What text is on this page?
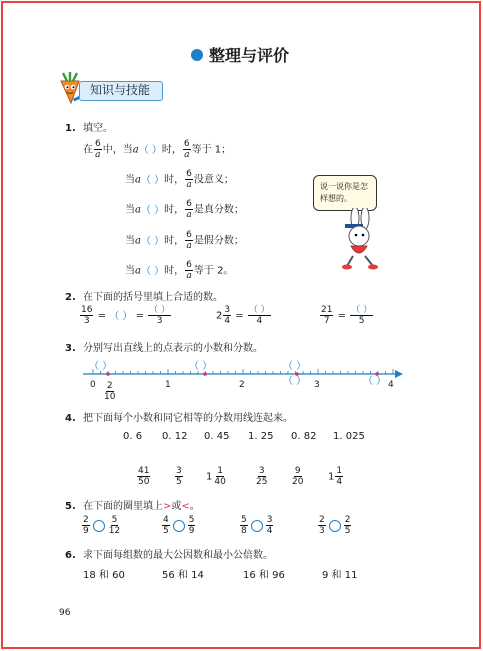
整理与评价
知识与技能
1. 填空。
在 $\frac{6}{a}$ 中，当a（ ）时， $\frac{6}{a}$ 等于 1；
当a（ ）时， $\frac{6}{a}$ 没意义；
当a（ ）时， $\frac{6}{a}$ 是真分数；
当a（ ）时， $\frac{6}{a}$ 是假分数；
当a（ ）时， $\frac{6}{a}$ 等于 2。
说一说你是怎样想的。
2. 在下面的括号里填上合适的数。
$\frac{16}{3}$ = （ ） = $\frac{( )}{3}$	$2 \frac{3}{4} = \frac{( )}{4}$	$\frac{21}{7} = \frac{( )}{5}$
3. 分别写出直线上的点表示的小数和分数。
（ ）	（ ）	（ ）
（ ）
（ ）
0	1	2	3	4
$\frac{2}{10}$
4. 把下面每个小数和同它相等的分数用线连起来。
0. 6 0. 12 0. 45 1. 25 0. 82 1. 025
$\frac{41}{50}$	$\frac{3}{5} 1 \frac{1}{40}$	$\frac{3}{25}$	$\frac{9}{20} 1 \frac{1}{4}$
5. 在下面的圈里填上>或<。
$\frac{2}{9} \frac{5}{12}$	$\frac{4}{5} \frac{5}{9}$	$\frac{5}{8} \frac{3}{4}$	$\frac{2}{3} \frac{2}{5}$
6. 求下面每组数的最大公因数和最小公倍数。
18 和 60	56 和 14	16 和 96	9 和 11
96
